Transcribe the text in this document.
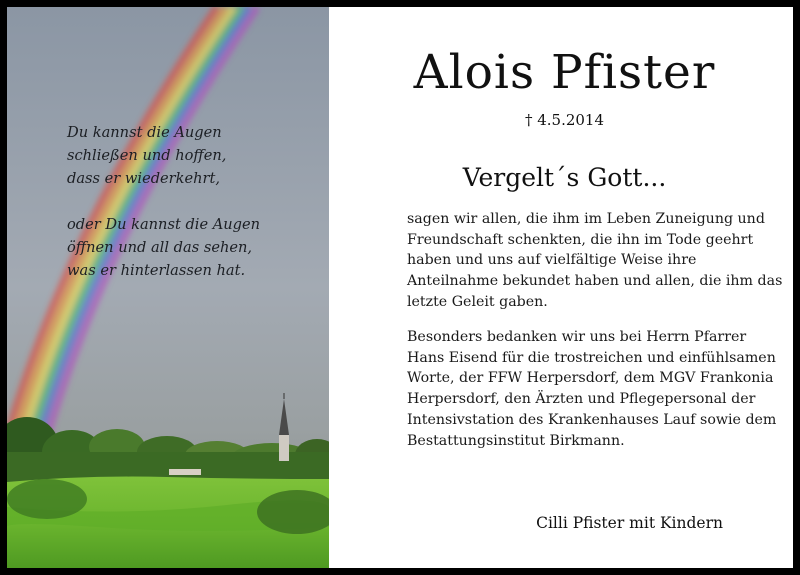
Du kannst die Augen

schließen und hoffen,

dass er wiederkehrt,

oder Du kannst die Augen

öffnen und all das sehen,

was er hinterlassen hat.

Alois Pfister
† 4.5.2014
Vergelt´s Gott...

sagen wir allen, die ihm im Leben Zuneigung und Freundschaft schenkten, die ihn im Tode geehrt haben und uns auf vielfältige Weise ihre Anteilnahme bekundet haben und allen, die ihm das letzte Geleit gaben.

Besonders bedanken wir uns bei Herrn Pfarrer Hans Eisend für die trostreichen und einfühlsamen Worte, der FFW Herpersdorf, dem MGV Frankonia Herpersdorf, den Ärzten und Pflegepersonal der Intensivstation des Krankenhauses Lauf sowie dem Bestattungsinstitut Birkmann.

Cilli Pfister mit Kindern
